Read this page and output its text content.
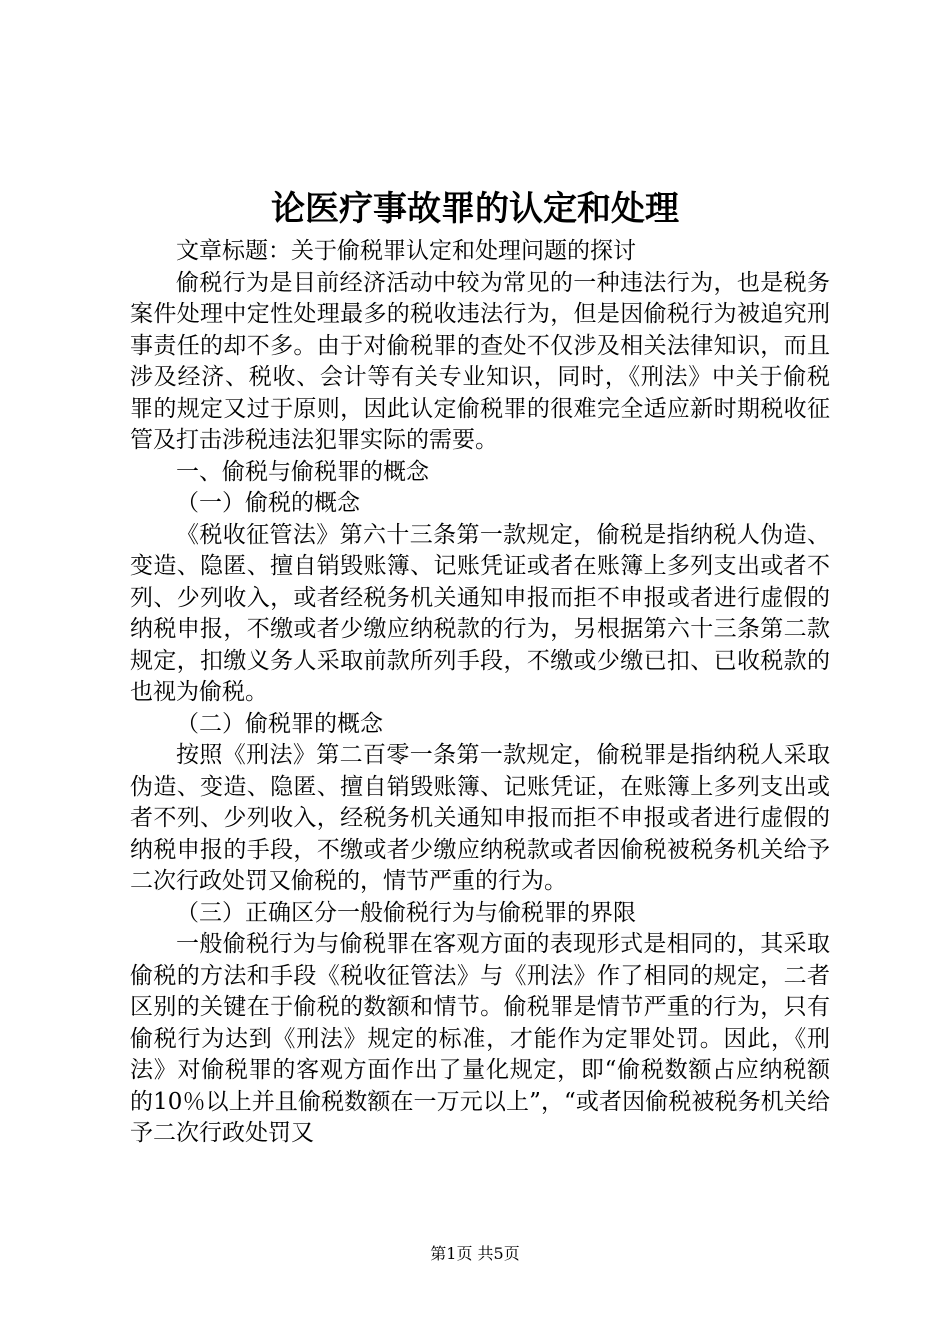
论医疗事故罪的认定和处理

文章标题：关于偷税罪认定和处理问题的探讨

偷税行为是目前经济活动中较为常见的一种违法行为，也是税务案件处理中定性处理最多的税收违法行为，但是因偷税行为被追究刑事责任的却不多。由于对偷税罪的查处不仅涉及相关法律知识，而且涉及经济、税收、会计等有关专业知识，同时，《刑法》中关于偷税罪的规定又过于原则，因此认定偷税罪的很难完全适应新时期税收征管及打击涉税违法犯罪实际的需要。

一、偷税与偷税罪的概念

（一）偷税的概念

《税收征管法》第六十三条第一款规定，偷税是指纳税人伪造、变造、隐匿、擅自销毁账簿、记账凭证或者在账簿上多列支出或者不列、少列收入，或者经税务机关通知申报而拒不申报或者进行虚假的纳税申报，不缴或者少缴应纳税款的行为，另根据第六十三条第二款规定，扣缴义务人采取前款所列手段，不缴或少缴已扣、已收税款的也视为偷税。

（二）偷税罪的概念

按照《刑法》第二百零一条第一款规定，偷税罪是指纳税人采取伪造、变造、隐匿、擅自销毁账簿、记账凭证，在账簿上多列支出或者不列、少列收入，经税务机关通知申报而拒不申报或者进行虚假的纳税申报的手段，不缴或者少缴应纳税款或者因偷税被税务机关给予二次行政处罚又偷税的，情节严重的行为。

（三）正确区分一般偷税行为与偷税罪的界限

一般偷税行为与偷税罪在客观方面的表现形式是相同的，其采取偷税的方法和手段《税收征管法》与《刑法》作了相同的规定，二者区别的关键在于偷税的数额和情节。偷税罪是情节严重的行为，只有偷税行为达到《刑法》规定的标准，才能作为定罪处罚。因此，《刑法》对偷税罪的客观方面作出了量化规定，即“偷税数额占应纳税额的10％以上并且偷税数额在一万元以上”，“或者因偷税被税务机关给予二次行政处罚又

第1页 共5页
